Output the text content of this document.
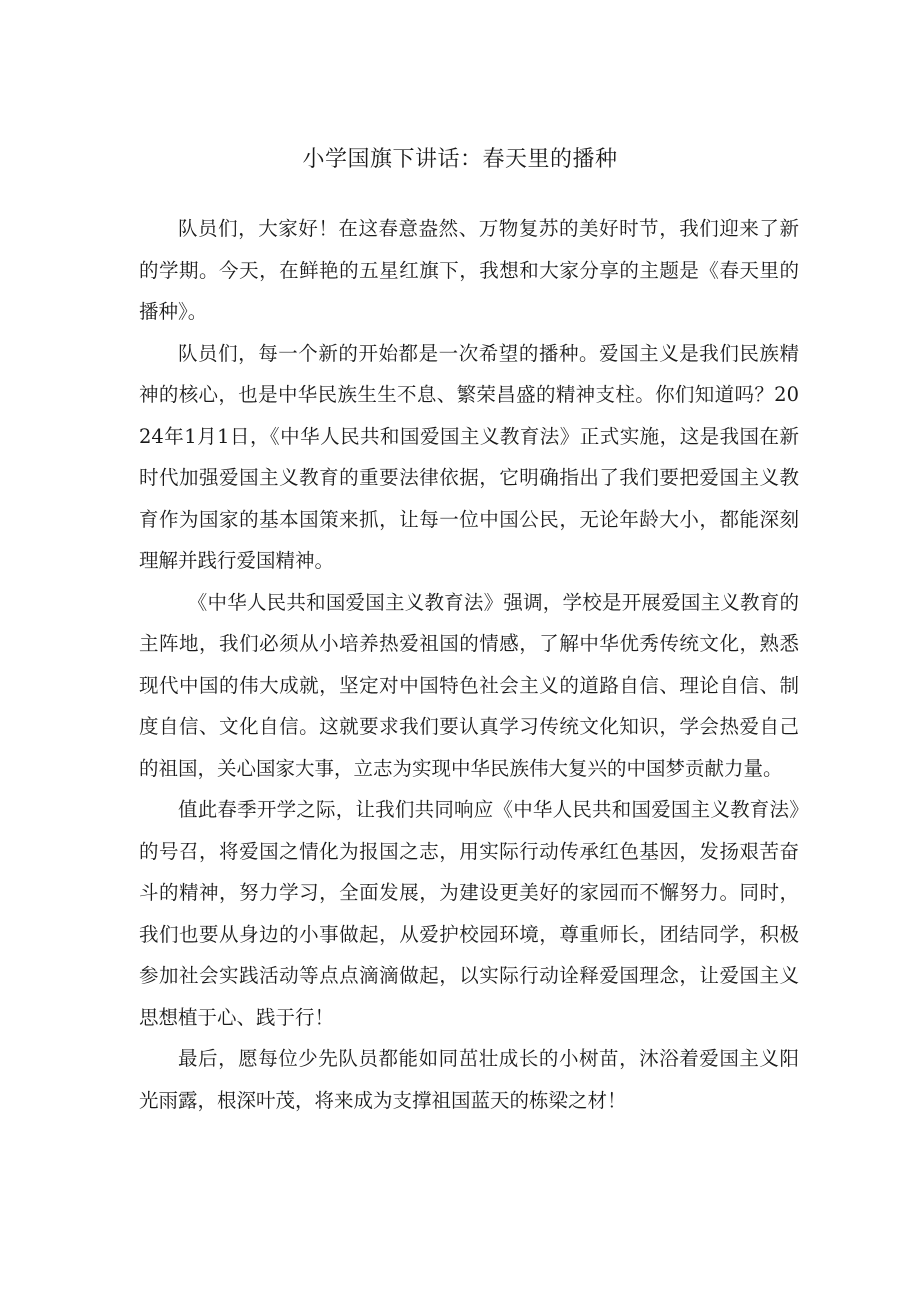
小学国旗下讲话：春天里的播种

队员们，大家好！在这春意盎然、万物复苏的美好时节，我们迎来了新的学期。今天，在鲜艳的五星红旗下，我想和大家分享的主题是《春天里的播种》。

队员们，每一个新的开始都是一次希望的播种。爱国主义是我们民族精神的核心，也是中华民族生生不息、繁荣昌盛的精神支柱。你们知道吗？2024年1月1日，《中华人民共和国爱国主义教育法》正式实施，这是我国在新时代加强爱国主义教育的重要法律依据，它明确指出了我们要把爱国主义教育作为国家的基本国策来抓，让每一位中国公民，无论年龄大小，都能深刻理解并践行爱国精神。

《中华人民共和国爱国主义教育法》强调，学校是开展爱国主义教育的主阵地，我们必须从小培养热爱祖国的情感，了解中华优秀传统文化，熟悉现代中国的伟大成就，坚定对中国特色社会主义的道路自信、理论自信、制度自信、文化自信。这就要求我们要认真学习传统文化知识，学会热爱自己的祖国，关心国家大事，立志为实现中华民族伟大复兴的中国梦贡献力量。

值此春季开学之际，让我们共同响应《中华人民共和国爱国主义教育法》的号召，将爱国之情化为报国之志，用实际行动传承红色基因，发扬艰苦奋斗的精神，努力学习，全面发展，为建设更美好的家园而不懈努力。同时，我们也要从身边的小事做起，从爱护校园环境，尊重师长，团结同学，积极参加社会实践活动等点点滴滴做起，以实际行动诠释爱国理念，让爱国主义思想植于心、践于行！

最后，愿每位少先队员都能如同茁壮成长的小树苗，沐浴着爱国主义阳光雨露，根深叶茂，将来成为支撑祖国蓝天的栋梁之材！
